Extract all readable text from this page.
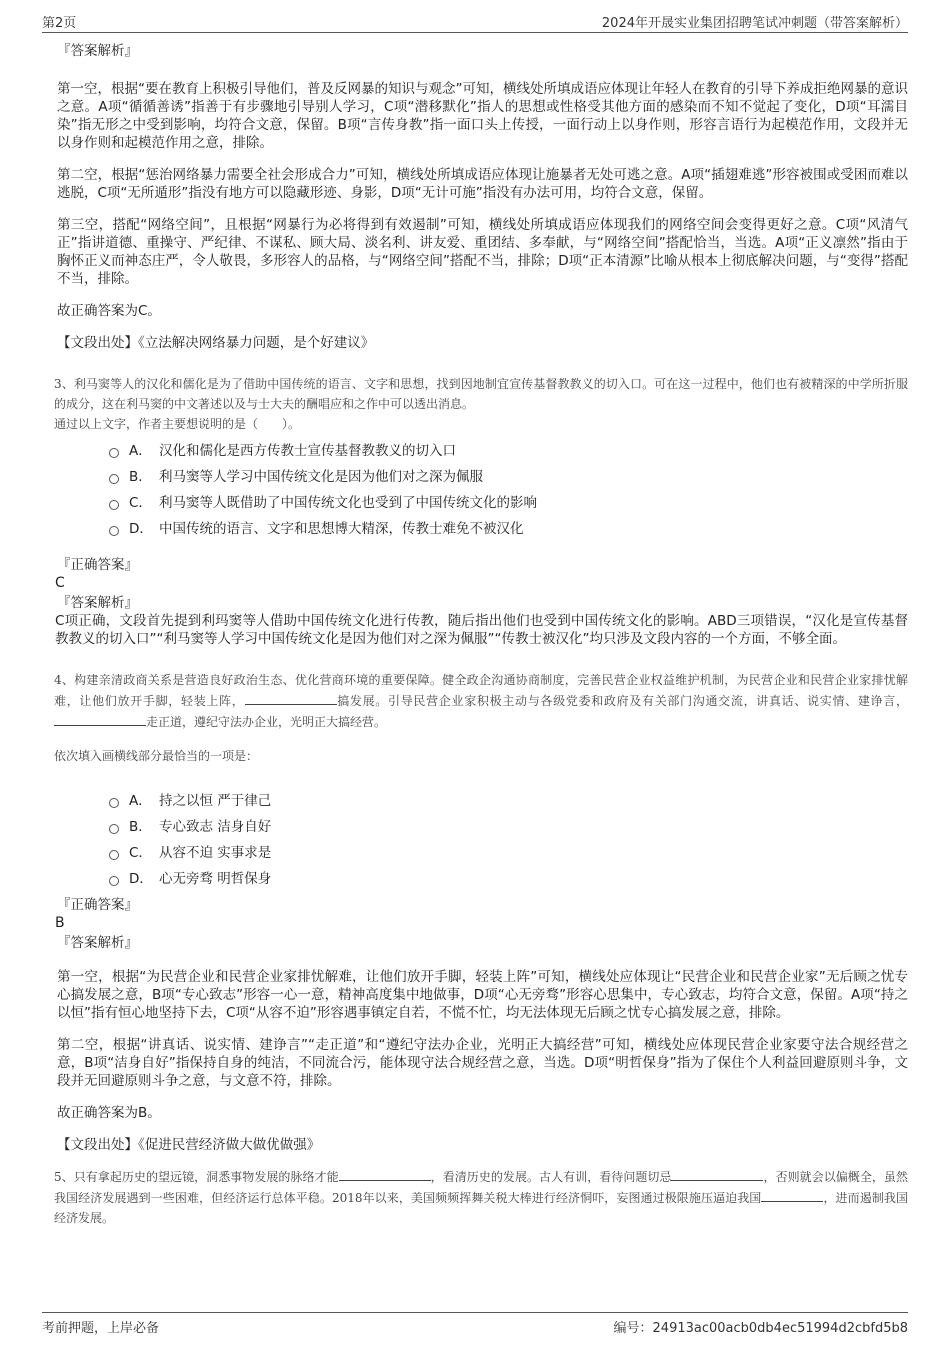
第2页	2024年开晟实业集团招聘笔试冲刺题（带答案解析）

『答案解析』

第一空，根据“要在教育上积极引导他们，普及反网暴的知识与观念”可知，横线处所填成语应体现让年轻人在教育的引导下养成拒绝网暴的意识之意。A项“循循善诱”指善于有步骤地引导别人学习，C项“潜移默化”指人的思想或性格受其他方面的感染而不知不觉起了变化，D项“耳濡目染”指无形之中受到影响，均符合文意，保留。B项“言传身教”指一面口头上传授，一面行动上以身作则，形容言语行为起模范作用，文段并无以身作则和起模范作用之意，排除。

第二空，根据“惩治网络暴力需要全社会形成合力”可知，横线处所填成语应体现让施暴者无处可逃之意。A项“插翅难逃”形容被围或受困而难以逃脱，C项“无所遁形”指没有地方可以隐藏形迹、身影，D项“无计可施”指没有办法可用，均符合文意，保留。

第三空，搭配“网络空间”，且根据“网暴行为必将得到有效遏制”可知，横线处所填成语应体现我们的网络空间会变得更好之意。C项“风清气正”指讲道德、重操守、严纪律、不谋私、顾大局、淡名利、讲友爱、重团结、多奉献，与“网络空间”搭配恰当，当选。A项“正义凛然”指由于胸怀正义而神态庄严，令人敬畏，多形容人的品格，与“网络空间”搭配不当，排除；D项“正本清源”比喻从根本上彻底解决问题，与“变得”搭配不当，排除。

故正确答案为C。

【文段出处】《立法解决网络暴力问题，是个好建议》

3、利马窦等人的汉化和儒化是为了借助中国传统的语言、文字和思想，找到因地制宜宣传基督教教义的切入口。可在这一过程中，他们也有被精深的中学所折服的成分，这在利马窦的中文著述以及与士大夫的酬唱应和之作中可以透出消息。

通过以上文字，作者主要想说明的是（　　）。

A． 汉化和儒化是西方传教士宣传基督教教义的切入口
B． 利马窦等人学习中国传统文化是因为他们对之深为佩服
C． 利马窦等人既借助了中国传统文化也受到了中国传统文化的影响
D． 中国传统的语言、文字和思想博大精深，传教士难免不被汉化

『正确答案』

C

『答案解析』

C项正确，文段首先提到利玛窦等人借助中国传统文化进行传教，随后指出他们也受到中国传统文化的影响。ABD三项错误，“汉化是宣传基督教教义的切入口”“利马窦等人学习中国传统文化是因为他们对之深为佩服”“传教士被汉化”均只涉及文段内容的一个方面，不够全面。

4、构建亲清政商关系是营造良好政治生态、优化营商环境的重要保障。健全政企沟通协商制度，完善民营企业权益维护机制，为民营企业和民营企业家排忧解难，让他们放开手脚，轻装上阵，	搞发展。引导民营企业家积极主动与各级党委和政府及有关部门沟通交流，讲真话、说实情、建诤言，走正道，遵纪守法办企业，光明正大搞经营。

依次填入画横线部分最恰当的一项是：

A． 持之以恒 严于律己
B． 专心致志 洁身自好
C． 从容不迫 实事求是
D． 心无旁骛 明哲保身

『正确答案』

B

『答案解析』

第一空，根据“为民营企业和民营企业家排忧解难，让他们放开手脚，轻装上阵”可知，横线处应体现让“民营企业和民营企业家”无后顾之忧专心搞发展之意，B项“专心致志”形容一心一意，精神高度集中地做事，D项“心无旁骛”形容心思集中，专心致志，均符合文意，保留。A项“持之以恒”指有恒心地坚持下去，C项“从容不迫”形容遇事镇定自若，不慌不忙，均无法体现无后顾之忧专心搞发展之意，排除。

第二空，根据“讲真话、说实情、建诤言”“走正道”和“遵纪守法办企业，光明正大搞经营”可知，横线处应体现民营企业家要守法合规经营之意，B项“洁身自好”指保持自身的纯洁，不同流合污，能体现守法合规经营之意，当选。D项“明哲保身”指为了保住个人利益回避原则斗争，文段并无回避原则斗争之意，与文意不符，排除。

故正确答案为B。

【文段出处】《促进民营经济做大做优做强》

5、只有拿起历史的望远镜，洞悉事物发展的脉络才能	，看清历史的发展。古人有训，看待问题切忌	，否则就会以偏概全，虽然我国经济发展遇到一些困难，但经济运行总体平稳。2018年以来，美国频频挥舞关税大棒进行经济恫吓，妄图通过极限施压逼迫我国	，进而遏制我国经济发展。

考前押题，上岸必备	编号：24913ac00acb0db4ec51994d2cbfd5b8
